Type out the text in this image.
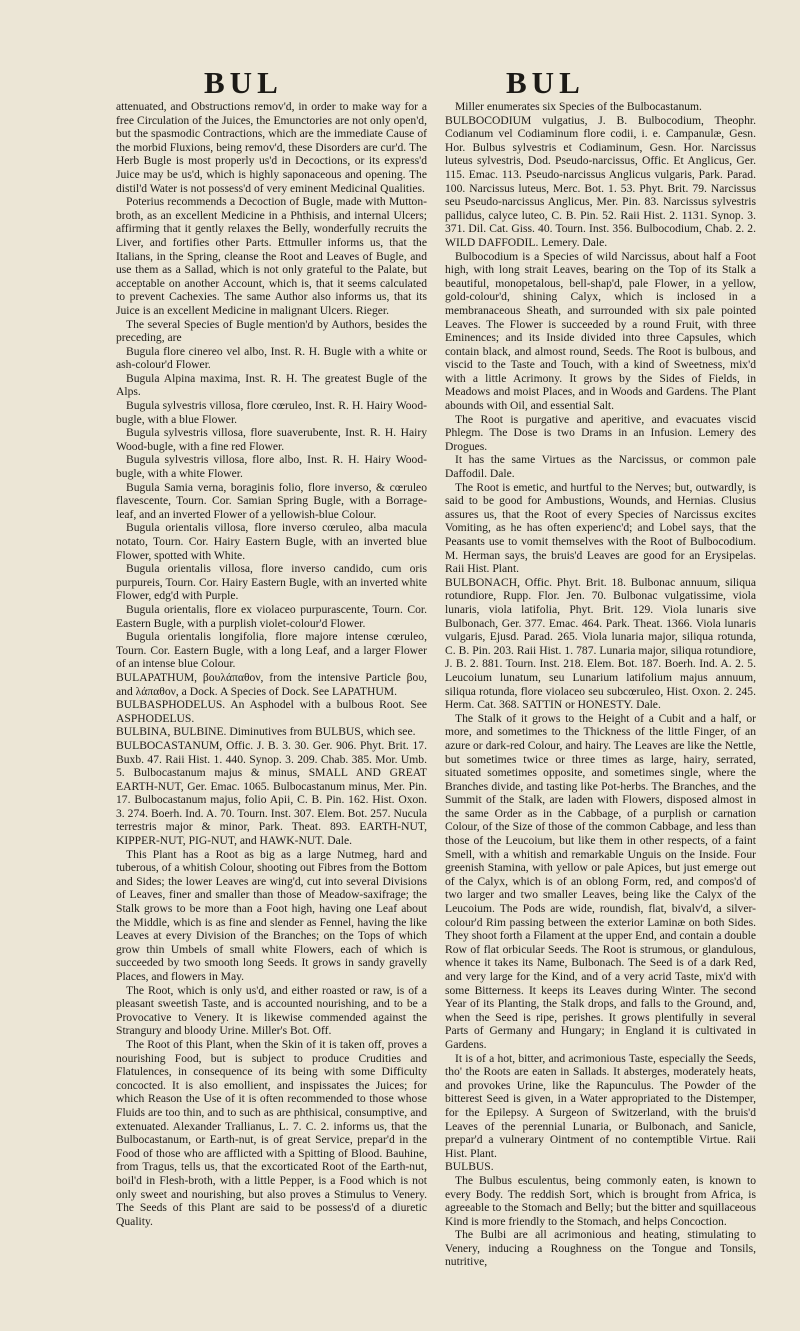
BUL	BUL

attenuated, and Obstructions remov'd, in order to make way for a free Circulation of the Juices, the Emunctories are not only open'd, but the spasmodic Contractions, which are the immediate Cause of the morbid Fluxions, being remov'd, these Disorders are cur'd. The Herb Bugle is most properly us'd in Decoctions, or its express'd Juice may be us'd, which is highly saponaceous and opening. The distil'd Water is not possess'd of very eminent Medicinal Qualities.

Poterius recommends a Decoction of Bugle, made with Mutton-broth, as an excellent Medicine in a Phthisis, and internal Ulcers; affirming that it gently relaxes the Belly, wonderfully recruits the Liver, and fortifies other Parts. Ettmuller informs us, that the Italians, in the Spring, cleanse the Root and Leaves of Bugle, and use them as a Sallad, which is not only grateful to the Palate, but acceptable on another Account, which is, that it seems calculated to prevent Cachexies. The same Author also informs us, that its Juice is an excellent Medicine in malignant Ulcers. Rieger.

The several Species of Bugle mention'd by Authors, besides the preceding, are

Bugula flore cinereo vel albo, Inst. R. H. Bugle with a white or ash-colour'd Flower.

Bugula Alpina maxima, Inst. R. H. The greatest Bugle of the Alps.

Bugula sylvestris villosa, flore cœruleo, Inst. R. H. Hairy Wood-bugle, with a blue Flower.

Bugula sylvestris villosa, flore suaverubente, Inst. R. H. Hairy Wood-bugle, with a fine red Flower.

Bugula sylvestris villosa, flore albo, Inst. R. H. Hairy Wood-bugle, with a white Flower.

Bugula Samia verna, boraginis folio, flore inverso, & cœruleo flavescente, Tourn. Cor. Samian Spring Bugle, with a Borrage-leaf, and an inverted Flower of a yellowish-blue Colour.

Bugula orientalis villosa, flore inverso cœruleo, alba macula notato, Tourn. Cor. Hairy Eastern Bugle, with an inverted blue Flower, spotted with White.

Bugula orientalis villosa, flore inverso candido, cum oris purpureis, Tourn. Cor. Hairy Eastern Bugle, with an inverted white Flower, edg'd with Purple.

Bugula orientalis, flore ex violaceo purpurascente, Tourn. Cor. Eastern Bugle, with a purplish violet-colour'd Flower.

Bugula orientalis longifolia, flore majore intense cœruleo, Tourn. Cor. Eastern Bugle, with a long Leaf, and a larger Flower of an intense blue Colour.

BULAPATHUM, βουλάπαθον, from the intensive Particle βου, and λάπαθον, a Dock. A Species of Dock. See LAPATHUM.

BULBASPHODELUS. An Asphodel with a bulbous Root. See ASPHODELUS.

BULBINA, BULBINE. Diminutives from BULBUS, which see.

BULBOCASTANUM, Offic. J. B. 3. 30. Ger. 906. Phyt. Brit. 17. Buxb. 47. Raii Hist. 1. 440. Synop. 3. 209. Chab. 385. Mor. Umb. 5. Bulbocastanum majus & minus, SMALL AND GREAT EARTH-NUT, Ger. Emac. 1065. Bulbocastanum minus, Mer. Pin. 17. Bulbocastanum majus, folio Apii, C. B. Pin. 162. Hist. Oxon. 3. 274. Boerh. Ind. A. 70. Tourn. Inst. 307. Elem. Bot. 257. Nucula terrestris major & minor, Park. Theat. 893. EARTH-NUT, KIPPER-NUT, PIG-NUT, and HAWK-NUT. Dale.

This Plant has a Root as big as a large Nutmeg, hard and tuberous, of a whitish Colour, shooting out Fibres from the Bottom and Sides; the lower Leaves are wing'd, cut into several Divisions of Leaves, finer and smaller than those of Meadow-saxifrage; the Stalk grows to be more than a Foot high, having one Leaf about the Middle, which is as fine and slender as Fennel, having the like Leaves at every Division of the Branches; on the Tops of which grow thin Umbels of small white Flowers, each of which is succeeded by two smooth long Seeds. It grows in sandy gravelly Places, and flowers in May.

The Root, which is only us'd, and either roasted or raw, is of a pleasant sweetish Taste, and is accounted nourishing, and to be a Provocative to Venery. It is likewise commended against the Strangury and bloody Urine. Miller's Bot. Off.

The Root of this Plant, when the Skin of it is taken off, proves a nourishing Food, but is subject to produce Crudities and Flatulences, in consequence of its being with some Difficulty concocted. It is also emollient, and inspissates the Juices; for which Reason the Use of it is often recommended to those whose Fluids are too thin, and to such as are phthisical, consumptive, and extenuated. Alexander Trallianus, L. 7. C. 2. informs us, that the Bulbocastanum, or Earth-nut, is of great Service, prepar'd in the Food of those who are afflicted with a Spitting of Blood. Bauhine, from Tragus, tells us, that the excorticated Root of the Earth-nut, boil'd in Flesh-broth, with a little Pepper, is a Food which is not only sweet and nourishing, but also proves a Stimulus to Venery. The Seeds of this Plant are said to be possess'd of a diuretic Quality.

Miller enumerates six Species of the Bulbocastanum.

BULBOCODIUM vulgatius, J. B. Bulbocodium, Theophr. Codianum vel Codiaminum flore codii, i. e. Campanulæ, Gesn. Hor. Bulbus sylvestris et Codiaminum, Gesn. Hor. Narcissus luteus sylvestris, Dod. Pseudo-narcissus, Offic. Et Anglicus, Ger. 115. Emac. 113. Pseudo-narcissus Anglicus vulgaris, Park. Parad. 100. Narcissus luteus, Merc. Bot. 1. 53. Phyt. Brit. 79. Narcissus seu Pseudo-narcissus Anglicus, Mer. Pin. 83. Narcissus sylvestris pallidus, calyce luteo, C. B. Pin. 52. Raii Hist. 2. 1131. Synop. 3. 371. Dil. Cat. Giss. 40. Tourn. Inst. 356. Bulbocodium, Chab. 2. 2. WILD DAFFODIL. Lemery. Dale.

Bulbocodium is a Species of wild Narcissus, about half a Foot high, with long strait Leaves, bearing on the Top of its Stalk a beautiful, monopetalous, bell-shap'd, pale Flower, in a yellow, gold-colour'd, shining Calyx, which is inclosed in a membranaceous Sheath, and surrounded with six pale pointed Leaves. The Flower is succeeded by a round Fruit, with three Eminences; and its Inside divided into three Capsules, which contain black, and almost round, Seeds. The Root is bulbous, and viscid to the Taste and Touch, with a kind of Sweetness, mix'd with a little Acrimony. It grows by the Sides of Fields, in Meadows and moist Places, and in Woods and Gardens. The Plant abounds with Oil, and essential Salt.

The Root is purgative and aperitive, and evacuates viscid Phlegm. The Dose is two Drams in an Infusion. Lemery des Drogues.

It has the same Virtues as the Narcissus, or common pale Daffodil. Dale.

The Root is emetic, and hurtful to the Nerves; but, outwardly, is said to be good for Ambustions, Wounds, and Hernias. Clusius assures us, that the Root of every Species of Narcissus excites Vomiting, as he has often experienc'd; and Lobel says, that the Peasants use to vomit themselves with the Root of Bulbocodium. M. Herman says, the bruis'd Leaves are good for an Erysipelas. Raii Hist. Plant.

BULBONACH, Offic. Phyt. Brit. 18. Bulbonac annuum, siliqua rotundiore, Rupp. Flor. Jen. 70. Bulbonac vulgatissime, viola lunaris, viola latifolia, Phyt. Brit. 129. Viola lunaris sive Bulbonach, Ger. 377. Emac. 464. Park. Theat. 1366. Viola lunaris vulgaris, Ejusd. Parad. 265. Viola lunaria major, siliqua rotunda, C. B. Pin. 203. Raii Hist. 1. 787. Lunaria major, siliqua rotundiore, J. B. 2. 881. Tourn. Inst. 218. Elem. Bot. 187. Boerh. Ind. A. 2. 5. Leucoium lunatum, seu Lunarium latifolium majus annuum, siliqua rotunda, flore violaceo seu subcœruleo, Hist. Oxon. 2. 245. Herm. Cat. 368. SATTIN or HONESTY. Dale.

The Stalk of it grows to the Height of a Cubit and a half, or more, and sometimes to the Thickness of the little Finger, of an azure or dark-red Colour, and hairy. The Leaves are like the Nettle, but sometimes twice or three times as large, hairy, serrated, situated sometimes opposite, and sometimes single, where the Branches divide, and tasting like Pot-herbs. The Branches, and the Summit of the Stalk, are laden with Flowers, disposed almost in the same Order as in the Cabbage, of a purplish or carnation Colour, of the Size of those of the common Cabbage, and less than those of the Leucoium, but like them in other respects, of a faint Smell, with a whitish and remarkable Unguis on the Inside. Four greenish Stamina, with yellow or pale Apices, but just emerge out of the Calyx, which is of an oblong Form, red, and compos'd of two larger and two smaller Leaves, being like the Calyx of the Leucoium. The Pods are wide, roundish, flat, bivalv'd, a silver-colour'd Rim passing between the exterior Laminæ on both Sides. They shoot forth a Filament at the upper End, and contain a double Row of flat orbicular Seeds. The Root is strumous, or glandulous, whence it takes its Name, Bulbonach. The Seed is of a dark Red, and very large for the Kind, and of a very acrid Taste, mix'd with some Bitterness. It keeps its Leaves during Winter. The second Year of its Planting, the Stalk drops, and falls to the Ground, and, when the Seed is ripe, perishes. It grows plentifully in several Parts of Germany and Hungary; in England it is cultivated in Gardens.

It is of a hot, bitter, and acrimonious Taste, especially the Seeds, tho' the Roots are eaten in Sallads. It absterges, moderately heats, and provokes Urine, like the Rapunculus. The Powder of the bitterest Seed is given, in a Water appropriated to the Distemper, for the Epilepsy. A Surgeon of Switzerland, with the bruis'd Leaves of the perennial Lunaria, or Bulbonach, and Sanicle, prepar'd a vulnerary Ointment of no contemptible Virtue. Raii Hist. Plant.

BULBUS.

The Bulbus esculentus, being commonly eaten, is known to every Body. The reddish Sort, which is brought from Africa, is agreeable to the Stomach and Belly; but the bitter and squillaceous Kind is more friendly to the Stomach, and helps Concoction.

The Bulbi are all acrimonious and heating, stimulating to Venery, inducing a Roughness on the Tongue and Tonsils, nutritive,
